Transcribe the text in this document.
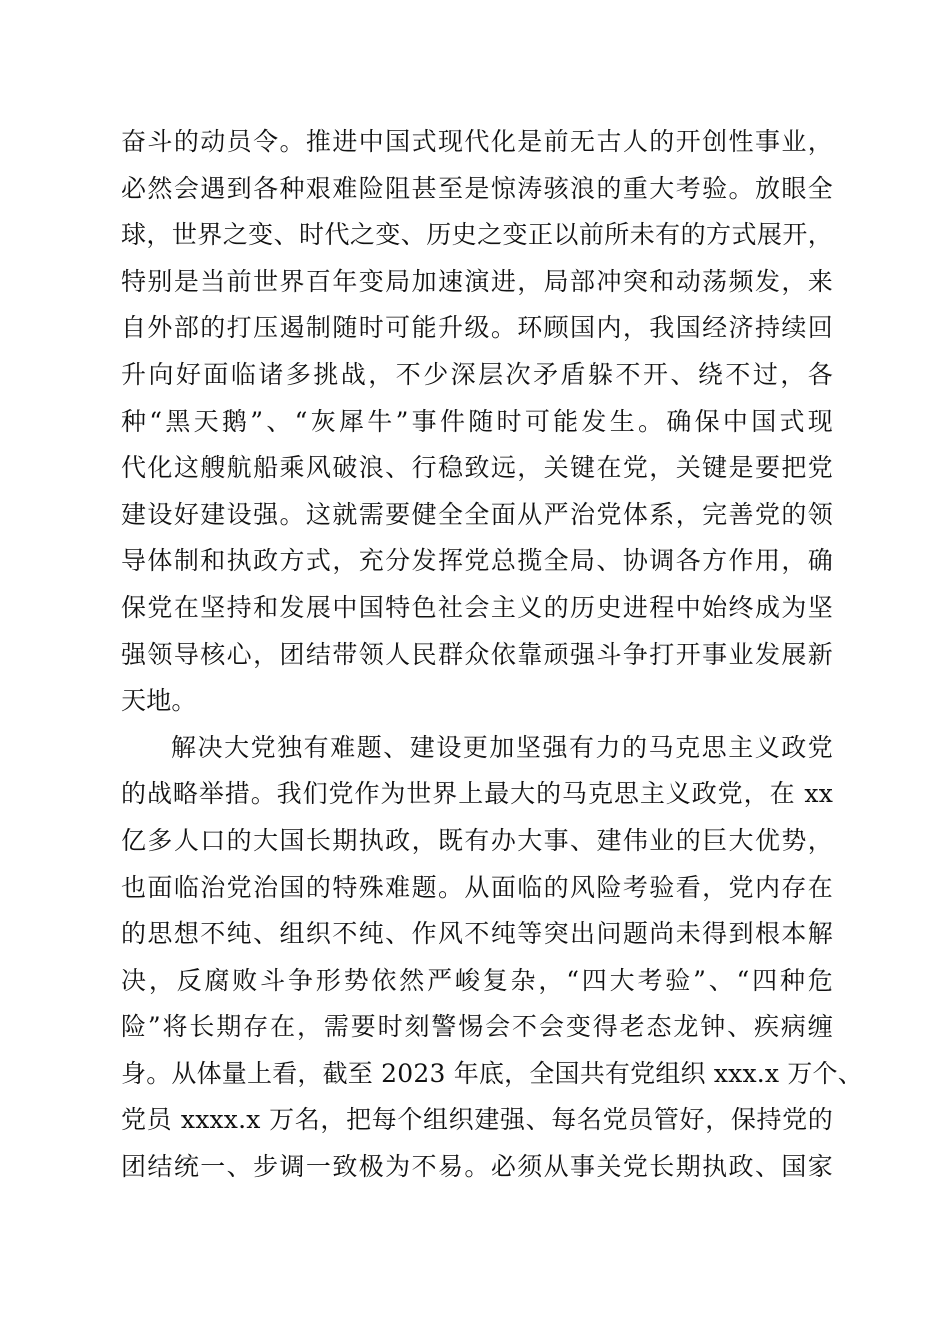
奋斗的动员令。推进中国式现代化是前无古人的开创性事业，
必然会遇到各种艰难险阻甚至是惊涛骇浪的重大考验。放眼全
球，世界之变、时代之变、历史之变正以前所未有的方式展开，
特别是当前世界百年变局加速演进，局部冲突和动荡频发，来
自外部的打压遏制随时可能升级。环顾国内，我国经济持续回
升向好面临诸多挑战，不少深层次矛盾躲不开、绕不过，各
种“黑天鹅”、“灰犀牛”事件随时可能发生。确保中国式现
代化这艘航船乘风破浪、行稳致远，关键在党，关键是要把党
建设好建设强。这就需要健全全面从严治党体系，完善党的领
导体制和执政方式，充分发挥党总揽全局、协调各方作用，确
保党在坚持和发展中国特色社会主义的历史进程中始终成为坚
强领导核心，团结带领人民群众依靠顽强斗争打开事业发展新
天地。
解决大党独有难题、建设更加坚强有力的马克思主义政党
的战略举措。我们党作为世界上最大的马克思主义政党，在 xx
亿多人口的大国长期执政，既有办大事、建伟业的巨大优势，
也面临治党治国的特殊难题。从面临的风险考验看，党内存在
的思想不纯、组织不纯、作风不纯等突出问题尚未得到根本解
决，反腐败斗争形势依然严峻复杂，“四大考验”、“四种危
险”将长期存在，需要时刻警惕会不会变得老态龙钟、疾病缠
身。从体量上看，截至 2023 年底，全国共有党组织 xxx.x 万个、
党员 xxxx.x 万名，把每个组织建强、每名党员管好，保持党的
团结统一、步调一致极为不易。必须从事关党长期执政、国家
